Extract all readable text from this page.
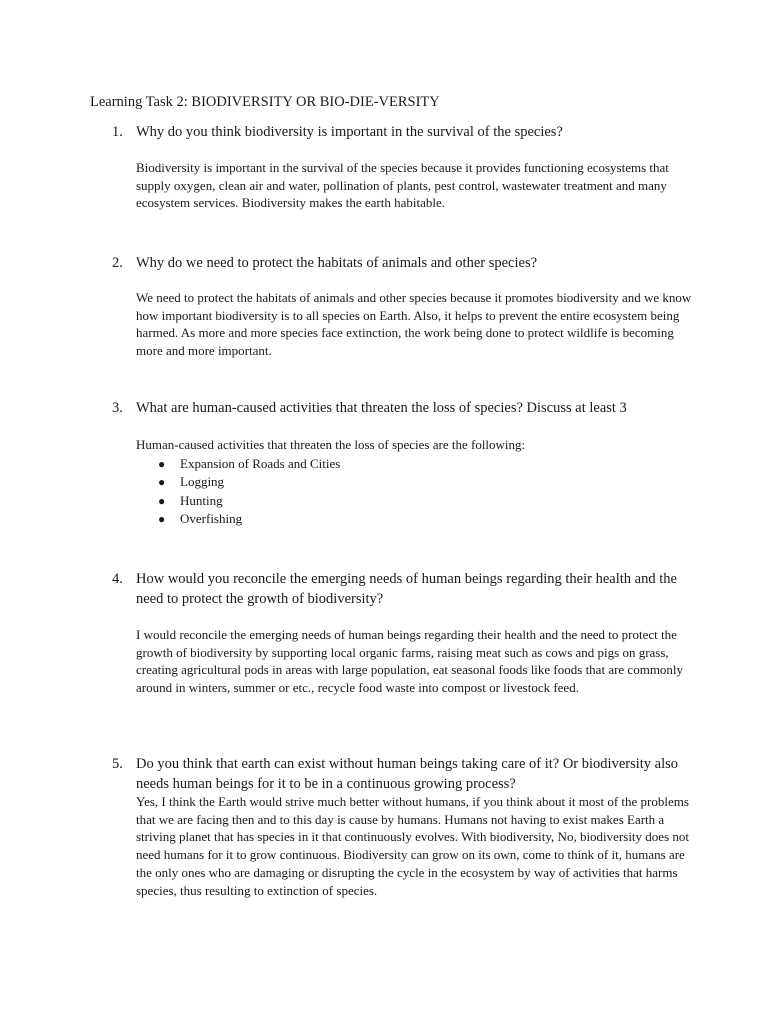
Learning Task 2: BIODIVERSITY OR BIO-DIE-VERSITY
1. Why do you think biodiversity is important in the survival of the species?

Biodiversity is important in the survival of the species because it provides functioning ecosystems that supply oxygen, clean air and water, pollination of plants, pest control, wastewater treatment and many ecosystem services. Biodiversity makes the earth habitable.

2. Why do we need to protect the habitats of animals and other species?

We need to protect the habitats of animals and other species because it promotes biodiversity and we know how important biodiversity is to all species on Earth. Also, it helps to prevent the entire ecosystem being harmed. As more and more species face extinction, the work being done to protect wildlife is becoming more and more important.

3. What are human-caused activities that threaten the loss of species? Discuss at least 3

Human-caused activities that threaten the loss of species are the following:

● Expansion of Roads and Cities
● Logging
● Hunting
● Overfishing
4. How would you reconcile the emerging needs of human beings regarding their health and the need to protect the growth of biodiversity?

I would reconcile the emerging needs of human beings regarding their health and the need to protect the growth of biodiversity by supporting local organic farms, raising meat such as cows and pigs on grass, creating agricultural pods in areas with large population, eat seasonal foods like foods that are commonly around in winters, summer or etc., recycle food waste into compost or livestock feed.

5. Do you think that earth can exist without human beings taking care of it? Or biodiversity also needs human beings for it to be in a continuous growing process?

Yes, I think the Earth would strive much better without humans, if you think about it most of the problems that we are facing then and to this day is cause by humans. Humans not having to exist makes Earth a striving planet that has species in it that continuously evolves. With biodiversity, No, biodiversity does not need humans for it to grow continuous. Biodiversity can grow on its own, come to think of it, humans are the only ones who are damaging or disrupting the cycle in the ecosystem by way of activities that harms species, thus resulting to extinction of species.
